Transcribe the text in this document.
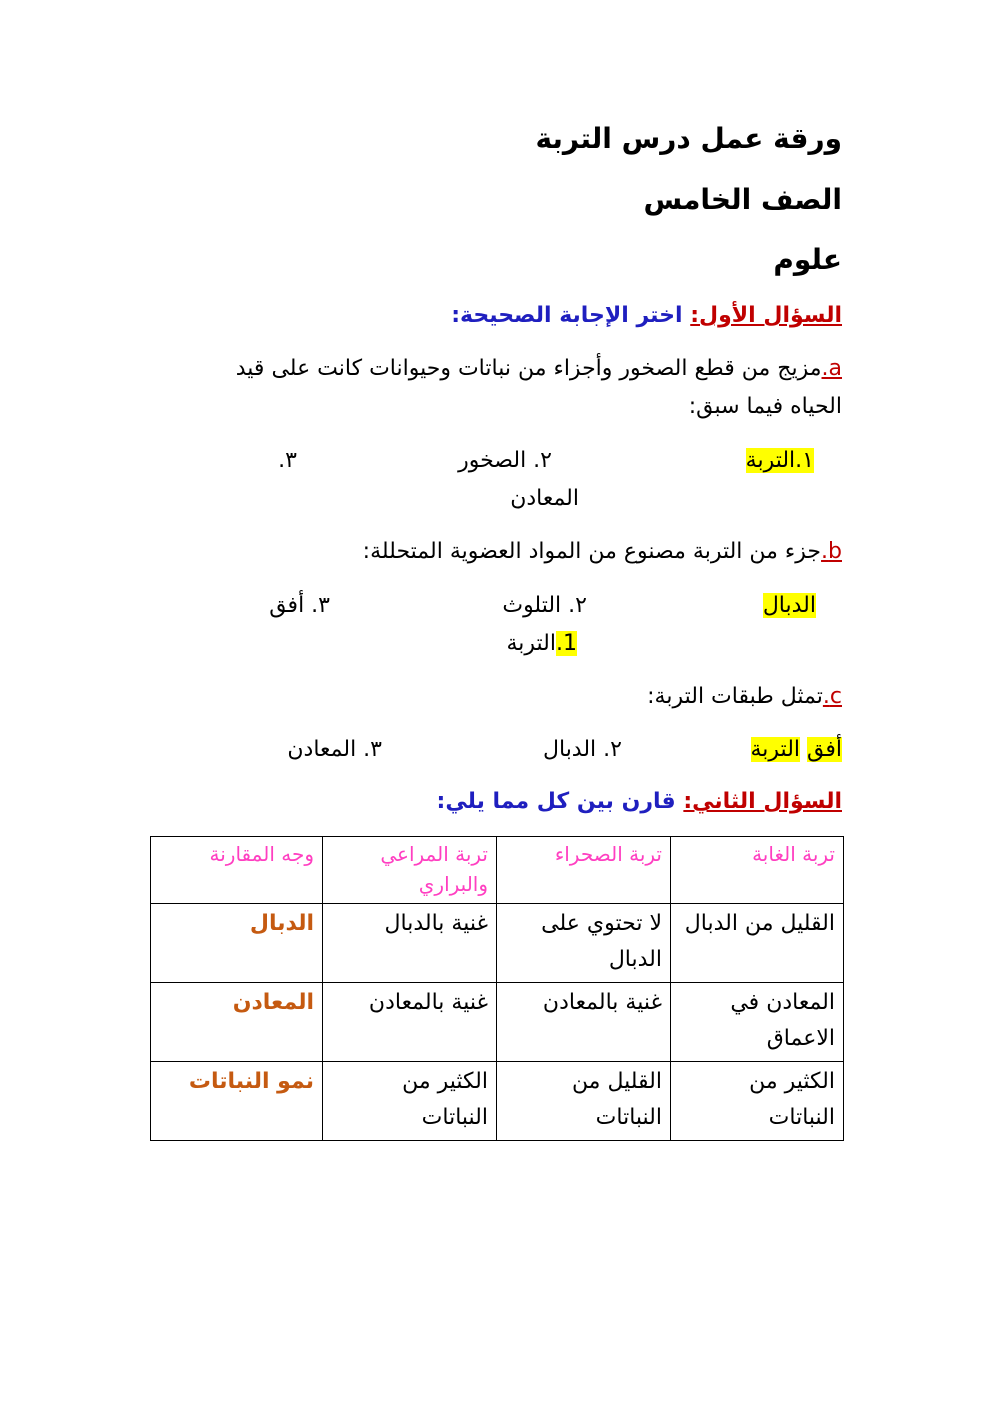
ورقة عمل درس التربة
الصف الخامس
علوم
السؤال الأول: اختر الإجابة الصحيحة:
a.مزيج من قطع الصخور وأجزاء من نباتات وحيوانات كانت على قيد
الحياه فيما سبق:
١.التربة
٢. الصخور
٣.
المعادن
b.جزء من التربة مصنوع من المواد العضوية المتحللة:
الدبال
٢. التلوث
٣. أفق
1.التربة
c.تمثل طبقات التربة:
أفق التربة
٢. الدبال
٣. المعادن
السؤال الثاني: قارن بين كل مما يلي:
تربة الغابة	تربة الصحراء	تربة المراعي والبراري	وجه المقارنة
القليل من الدبال	لا تحتوي على الدبال	غنية بالدبال	الدبال
المعادن في الاعماق	غنية بالمعادن	غنية بالمعادن	المعادن
الكثير من النباتات	القليل من النباتات	الكثير من النباتات	نمو النباتات
